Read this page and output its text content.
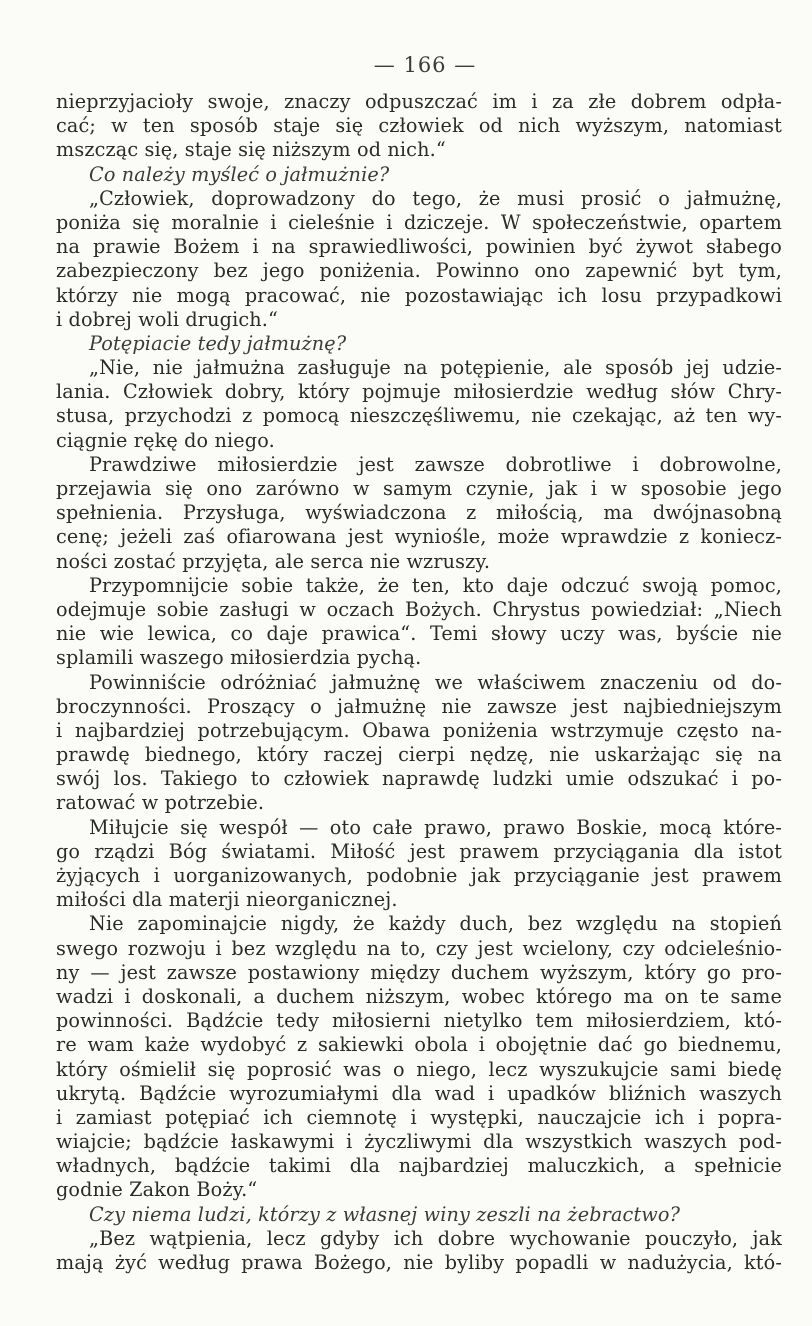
— 166 —
nieprzyjacioły swoje, znaczy odpuszczać im i za złe dobrem odpła-
cać; w ten sposób staje się człowiek od nich wyższym, natomiast
mszcząc się, staje się niższym od nich.“
Co należy myśleć o jałmużnie?
„Człowiek, doprowadzony do tego, że musi prosić o jałmużnę,
poniża się moralnie i cieleśnie i dziczeje. W społeczeństwie, opartem
na prawie Bożem i na sprawiedliwości, powinien być żywot słabego
zabezpieczony bez jego poniżenia. Powinno ono zapewnić byt tym,
którzy nie mogą pracować, nie pozostawiając ich losu przypadkowi
i dobrej woli drugich.“
Potępiacie tedy jałmużnę?
„Nie, nie jałmużna zasługuje na potępienie, ale sposób jej udzie-
lania. Człowiek dobry, który pojmuje miłosierdzie według słów Chry-
stusa, przychodzi z pomocą nieszczęśliwemu, nie czekając, aż ten wy-
ciągnie rękę do niego.
Prawdziwe miłosierdzie jest zawsze dobrotliwe i dobrowolne,
przejawia się ono zarówno w samym czynie, jak i w sposobie jego
spełnienia. Przysługa, wyświadczona z miłością, ma dwójnasobną
cenę; jeżeli zaś ofiarowana jest wyniośle, może wprawdzie z koniecz-
ności zostać przyjęta, ale serca nie wzruszy.
Przypomnijcie sobie także, że ten, kto daje odczuć swoją pomoc,
odejmuje sobie zasługi w oczach Bożych. Chrystus powiedział: „Niech
nie wie lewica, co daje prawica“. Temi słowy uczy was, byście nie
splamili waszego miłosierdzia pychą.
Powinniście odróżniać jałmużnę we właściwem znaczeniu od do-
broczynności. Proszący o jałmużnę nie zawsze jest najbiedniejszym
i najbardziej potrzebującym. Obawa poniżenia wstrzymuje często na-
prawdę biednego, który raczej cierpi nędzę, nie uskarżając się na
swój los. Takiego to człowiek naprawdę ludzki umie odszukać i po-
ratować w potrzebie.
Miłujcie się wespół — oto całe prawo, prawo Boskie, mocą które-
go rządzi Bóg światami. Miłość jest prawem przyciągania dla istot
żyjących i uorganizowanych, podobnie jak przyciąganie jest prawem
miłości dla materji nieorganicznej.
Nie zapominajcie nigdy, że każdy duch, bez względu na stopień
swego rozwoju i bez względu na to, czy jest wcielony, czy odcieleśnio-
ny — jest zawsze postawiony między duchem wyższym, który go pro-
wadzi i doskonali, a duchem niższym, wobec którego ma on te same
powinności. Bądźcie tedy miłosierni nietylko tem miłosierdziem, któ-
re wam każe wydobyć z sakiewki obola i obojętnie dać go biednemu,
który ośmielił się poprosić was o niego, lecz wyszukujcie sami biedę
ukrytą. Bądźcie wyrozumiałymi dla wad i upadków bliźnich waszych
i zamiast potępiać ich ciemnotę i występki, nauczajcie ich i popra-
wiajcie; bądźcie łaskawymi i życzliwymi dla wszystkich waszych pod-
władnych, bądźcie takimi dla najbardziej maluczkich, a spełnicie
godnie Zakon Boży.“
Czy niema ludzi, którzy z własnej winy zeszli na żebractwo?
„Bez wątpienia, lecz gdyby ich dobre wychowanie pouczyło, jak
mają żyć według prawa Bożego, nie byliby popadli w nadużycia, któ-
